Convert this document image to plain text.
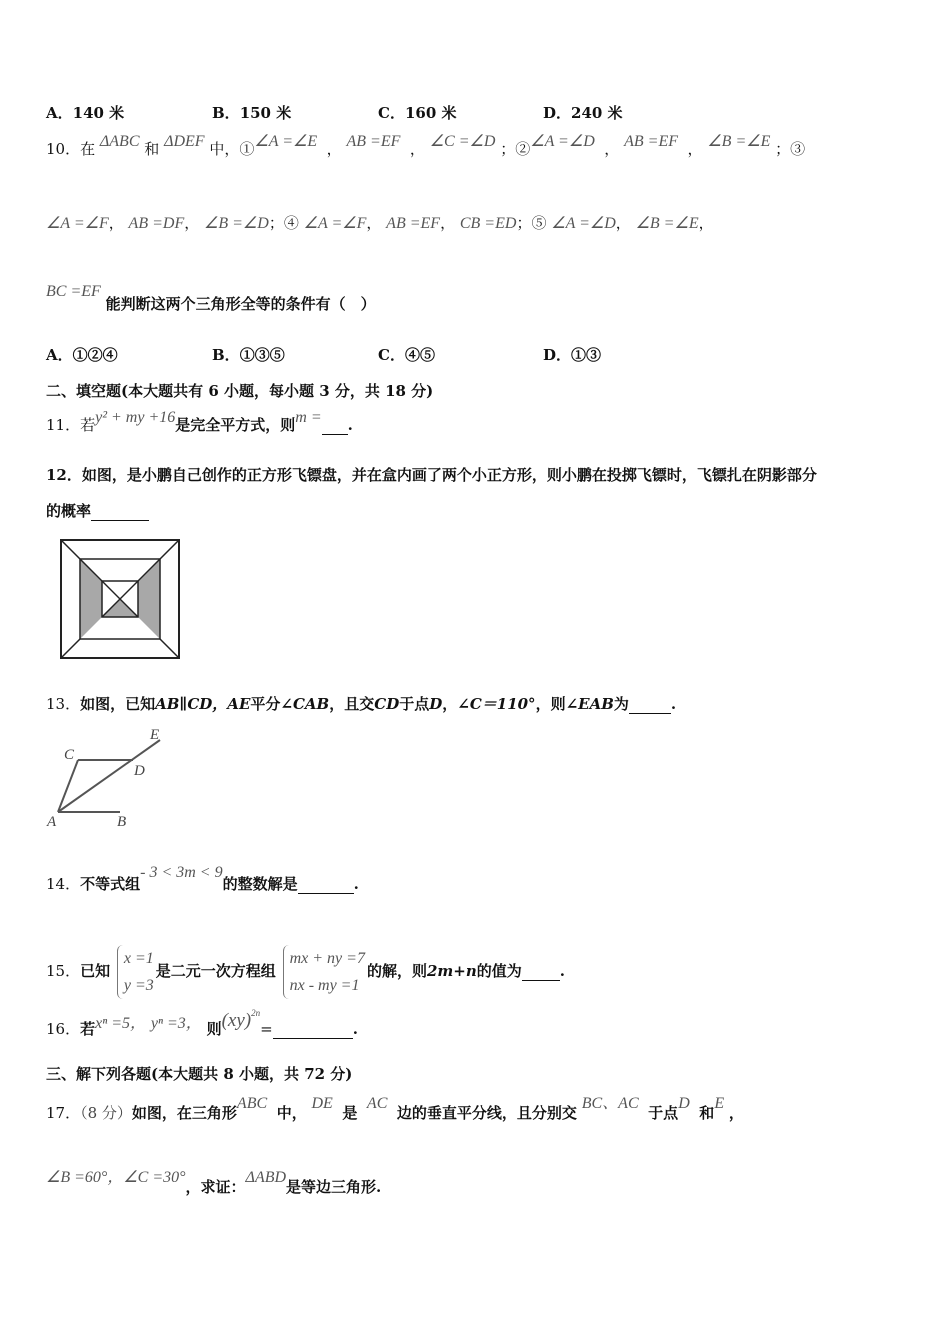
A．140 米	B．150 米	C．160 米	D．240 米
10．在 ΔABC 和 ΔDEF 中，①∠A =∠E ， AB =EF ， ∠C =∠D ；②∠A =∠D ， AB =EF ， ∠B =∠E ；③
∠A =∠F， AB =DF， ∠B =∠D；④ ∠A =∠F， AB =EF， CB =ED；⑤ ∠A =∠D， ∠B =∠E，
BC =EF 能判断这两个三角形全等的条件有（　）
A．①②④	B．①③⑤	C．④⑤	D．①③
二、填空题(本大题共有 6 小题，每小题 3 分，共 18 分)
11．若y² + my +16是完全平方式，则m = .
12．如图，是小鹏自己创作的正方形飞镖盘，并在盒内画了两个小正方形，则小鹏在投掷飞镖时，飞镖扎在阴影部分
的概率
13．如图，已知AB∥CD，AE平分∠CAB，且交CD于点D，∠C＝110°，则∠EAB为	.
C
E
D
A	B
14．不等式组- 3 < 3m < 9的整数解是	.
15．已知
x =1
y =3
是二元一次方程组
mx + ny =7
nx - my =1
的解，则2m+n的值为	.
16．若xⁿ =5， yⁿ =3， 则(xy)$^{2n}$=	.
三、解下列各题(本大题共 8 小题，共 72 分)
17．（8 分）如图，在三角形ABC  中， DE  是  AC  边的垂直平分线，且分别交 BC、AC  于点D  和E ，
∠B =60°，∠C =30°，求证：ΔABD是等边三角形.
